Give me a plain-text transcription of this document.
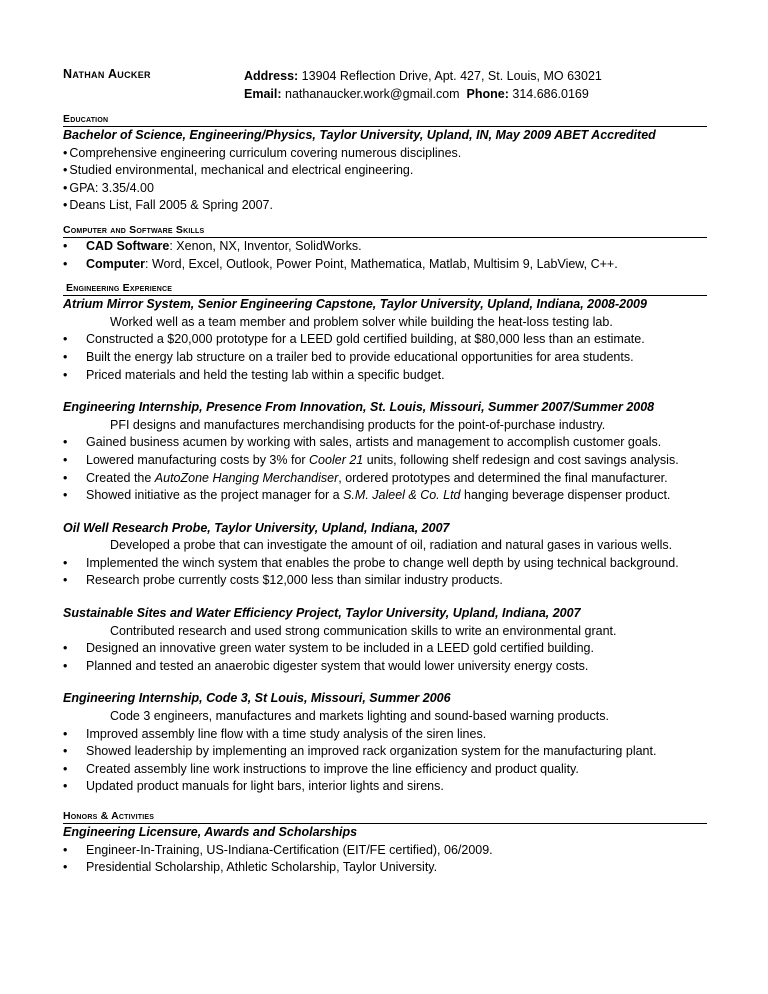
Nathan Aucker	Address: 13904 Reflection Drive, Apt. 427, St. Louis, MO 63021
Email: nathanaucker.work@gmail.com Phone: 314.686.0169
Education
Bachelor of Science, Engineering/Physics, Taylor University, Upland, IN, May 2009 ABET Accredited
• Comprehensive engineering curriculum covering numerous disciplines.
• Studied environmental, mechanical and electrical engineering.
• GPA: 3.35/4.00
• Deans List, Fall 2005 & Spring 2007.
Computer and Software Skills
• CAD Software: Xenon, NX, Inventor, SolidWorks.
• Computer: Word, Excel, Outlook, Power Point, Mathematica, Matlab, Multisim 9, LabView, C++.
Engineering Experience
Atrium Mirror System, Senior Engineering Capstone, Taylor University, Upland, Indiana, 2008-2009
Worked well as a team member and problem solver while building the heat-loss testing lab.
• Constructed a $20,000 prototype for a LEED gold certified building, at $80,000 less than an estimate.
• Built the energy lab structure on a trailer bed to provide educational opportunities for area students.
• Priced materials and held the testing lab within a specific budget.
Engineering Internship, Presence From Innovation, St. Louis, Missouri, Summer 2007/Summer 2008
PFI designs and manufactures merchandising products for the point-of-purchase industry.
• Gained business acumen by working with sales, artists and management to accomplish customer goals.
• Lowered manufacturing costs by 3% for Cooler 21 units, following shelf redesign and cost savings analysis.
• Created the AutoZone Hanging Merchandiser, ordered prototypes and determined the final manufacturer.
• Showed initiative as the project manager for a S.M. Jaleel & Co. Ltd hanging beverage dispenser product.
Oil Well Research Probe, Taylor University, Upland, Indiana, 2007
Developed a probe that can investigate the amount of oil, radiation and natural gases in various wells.
• Implemented the winch system that enables the probe to change well depth by using technical background.
• Research probe currently costs $12,000 less than similar industry products.
Sustainable Sites and Water Efficiency Project, Taylor University, Upland, Indiana, 2007
Contributed research and used strong communication skills to write an environmental grant.
• Designed an innovative green water system to be included in a LEED gold certified building.
• Planned and tested an anaerobic digester system that would lower university energy costs.
Engineering Internship, Code 3, St Louis, Missouri, Summer 2006
Code 3 engineers, manufactures and markets lighting and sound-based warning products.
• Improved assembly line flow with a time study analysis of the siren lines.
• Showed leadership by implementing an improved rack organization system for the manufacturing plant.
• Created assembly line work instructions to improve the line efficiency and product quality.
• Updated product manuals for light bars, interior lights and sirens.
Honors & Activities
Engineering Licensure, Awards and Scholarships
• Engineer-In-Training, US-Indiana-Certification (EIT/FE certified), 06/2009.
• Presidential Scholarship, Athletic Scholarship, Taylor University.
